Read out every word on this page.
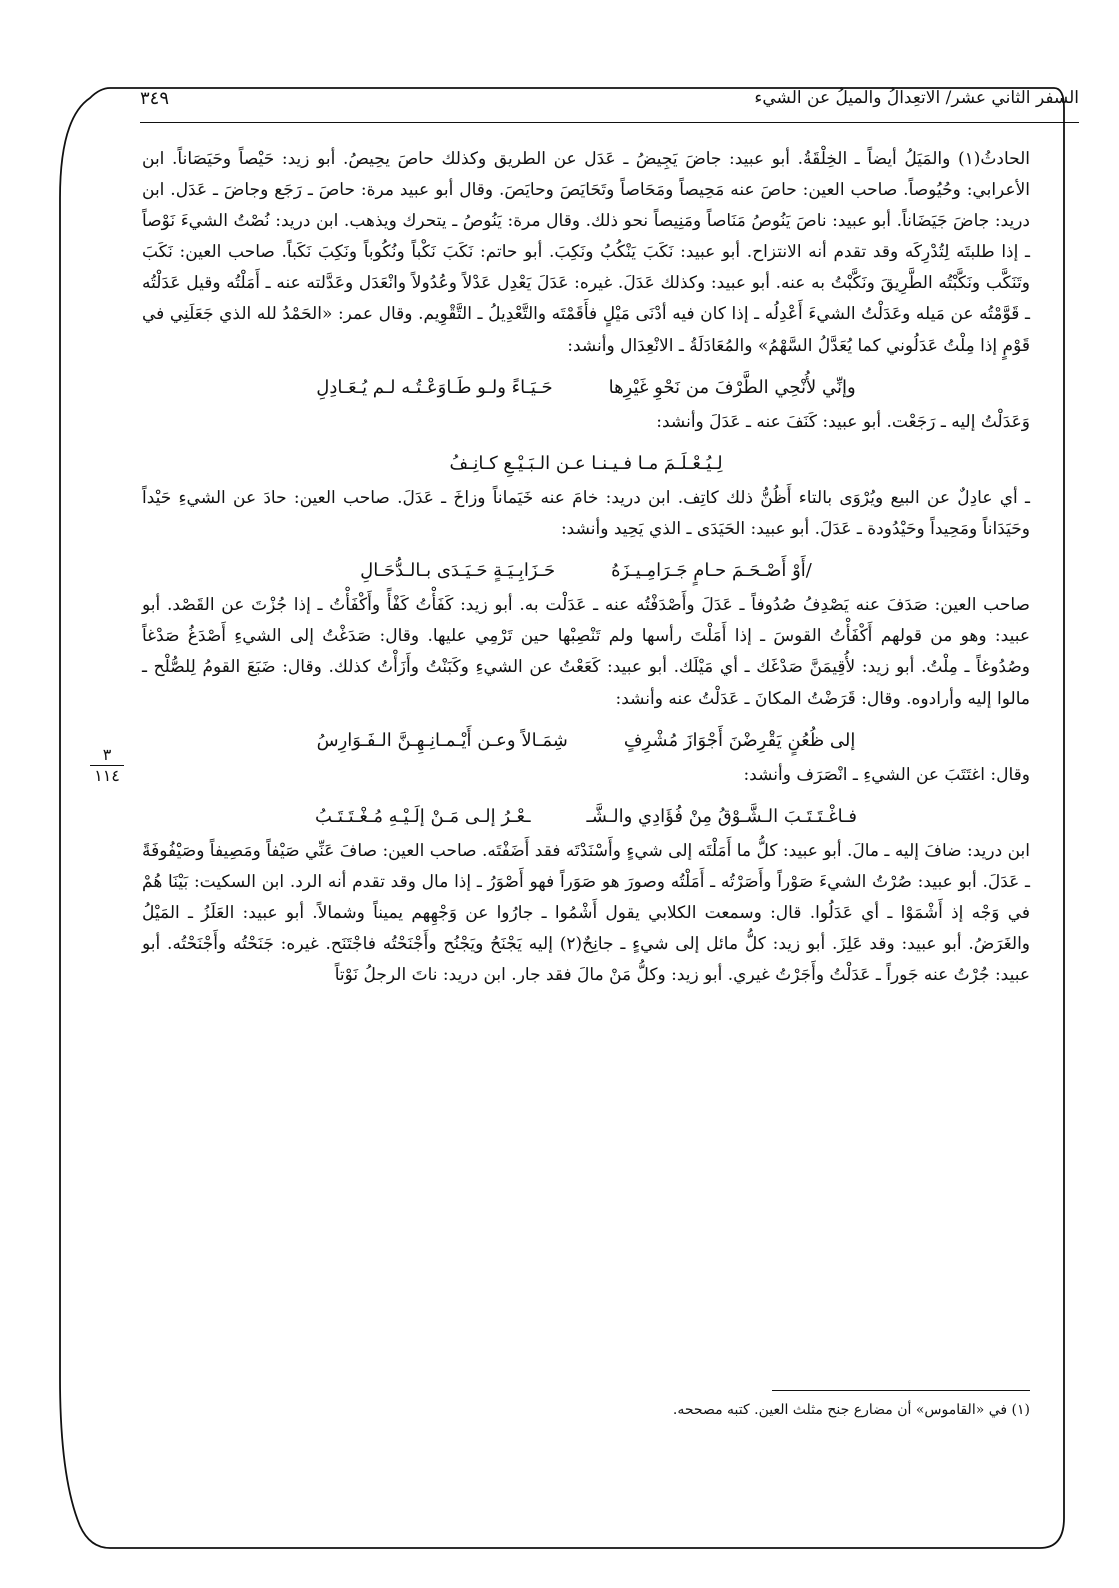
السفر الثاني عشر/ الاتعِدالُ والميلُ عن الشيء
٣٤٩
٣
١١٤

الحادثُ(١) والمَيَلُ أيضاً ـ الخِلْقَةُ. أبو عبيد: جاضَ يَجِيضُ ـ عَدَل عن الطريق وكذلك حاصَ يحِيصُ. أبو زيد: حَيْصاً وحَيَصَاناً. ابن الأعرابي: وحُيُوصاً. صاحب العين: حاصَ عنه مَحِيصاً ومَحَاصاً وتَحَايَصَ وحايَصَ. وقال أبو عبيد مرة: حاصَ ـ رَجَع وجاضَ ـ عَدَل. ابن دريد: جاضَ جَيَضَاناً. أبو عبيد: ناصَ يَنُوصُ مَنَاصاً ومَنِيصاً نحو ذلك. وقال مرة: يَنُوصُ ـ يتحرك ويذهب. ابن دريد: نُصْتُ الشيءَ نَوْصاً ـ إذا طلبتَه لِتُدْرِكَه وقد تقدم أنه الانتزاح. أبو عبيد: نَكَبَ يَنْكُبُ ونَكِبَ. أبو حاتم: نَكَبَ نَكْباً ونُكُوباً ونَكِبَ نَكَباً. صاحب العين: نَكَبَ وتَنَكَّب ونَكَّبْتُه الطَّرِيقَ ونَكَّبْتُ به عنه. أبو عبيد: وكذلك عَدَلَ. غيره: عَدَلَ يَعْدِل عَدْلاً وعُدُولاً وانْعَدَل وعَدَّلته عنه ـ أَمَلْتُه وقيل عَدَلْتُه ـ قَوَّمْتُه عن مَيله وعَدَلْتُ الشيءَ أَعْدِلُه ـ إذا كان فيه أدْنَى مَيْلٍ فأَقَمْتَه والتَّعْدِيلُ ـ التَّقْوِيم. وقال عمر: «الحَمْدُ لله الذي جَعَلَنِي في قَوْمٍ إذا مِلْتُ عَدَلُوني كما يُعَدَّلُ السَّهْمُ» والمُعَادَلَةُ ـ الانْعِدَال وأنشد:

وإنِّي لأُنْحِي الطَّرْفَ من نَحْوِ غَيْرِها
حَـيَـاءً ولـو طَـاوَعْـتُـه لـم يُـعَـادِلِ

وَعَدَلْتُ إليه ـ رَجَعْت. أبو عبيد: كَنَفَ عنه ـ عَدَلَ وأنشد:

لِـيُـعْـلَـمَ مـا فـيـنـا عـن الـبَـيْـعِ كـانِـفُ

ـ أي عادِلٌ عن البيع ويُرْوَى بالتاء أَظُنُّ ذلك كاتِف. ابن دريد: خامَ عنه خَيَماناً وزاخَ ـ عَدَلَ. صاحب العين: حادَ عن الشيءِ حَيْداً وحَيَدَاناً ومَحِيداً وحَيْدُودة ـ عَدَلَ. أبو عبيد: الحَيَدَى ـ الذي يَحِيد وأنشد:

/أَوْ أَصْـحَـمَ حـامٍ جَـرَامِـيـزَهُ
حَـزَابِـيَـةٍ حَـيَـدَى بـالـدُّحَـالِ

صاحب العين: صَدَفَ عنه يَصْدِفُ صُدُوفاً ـ عَدَلَ وأَصْدَفْتُه عنه ـ عَدَلْت به. أبو زيد: كَفَأْتُ كَفْأً وأَكْفَأْتُ ـ إذا جُزْتَ عن القَصْد. أبو عبيد: وهو من قولهم أَكْفَأْتُ القوسَ ـ إذا أَمَلْتَ رأسها ولم تَنْصِبْها حين تَرْمِي عليها. وقال: صَدَغْتُ إلى الشيءِ أَصْدَغُ صَدْغاً وصُدُوغاً ـ مِلْتُ. أبو زيد: لأُقِيمَنَّ صَدْغَك ـ أي مَيْلَك. أبو عبيد: كَعَعْتُ عن الشيءِ وكَبَنْتُ وأَزَأْتُ كذلك. وقال: ضَبَعَ القومُ لِلصُّلْح ـ مالوا إليه وأرادوه. وقال: قَرَضْتُ المكانَ ـ عَدَلْتُ عنه وأنشد:

إلى ظُعُنٍ يَقْرِضْنَ أَجْوَازَ مُشْرِفٍ
شِمَـالاً وعـن أَيْـمـانِـهِـنَّ الـفَـوَارِسُ

وقال: اغتَتَبَ عن الشيءِ ـ انْصَرَف وأنشد:

فـاغْـتَـتَـبَ الـشَّـوْقُ مِنْ فُؤَادِي والـشَّـ
ـعْـرُ إلـى مَـنْ إلَـيْـهِ مُـغْـتَـتَـبُ

ابن دريد: ضافَ إليه ـ مالَ. أبو عبيد: كلُّ ما أَمَلْتَه إلى شيءٍ وأَسْنَدْتَه فقد أَضَفْتَه. صاحب العين: صافَ عَنِّي صَيْفاً ومَصِيفاً وصَيْفُوفَةً ـ عَدَلَ. أبو عبيد: صُرْتُ الشيءَ صَوْراً وأَصَرْتُه ـ أَمَلْتُه وصورَ هو صَوَراً فهو أَصْوَرُ ـ إذا مال وقد تقدم أنه الرد. ابن السكيت: بَيْنَا هُمْ في وَجْه إذ أَشْمَوْا ـ أي عَدَلُوا. قال: وسمعت الكلابي يقول أَشْمُوا ـ جارُوا عن وَجْهِهم يميناً وشمالاً. أبو عبيد: العَلَزُ ـ المَيْلُ والغَرَضُ. أبو عبيد: وقد عَلِزَ. أبو زيد: كلُّ مائل إلى شيءٍ ـ جانِحٌ(٢) إليه يَجْنَحُ ويَجْنُح وأَجْنَحْتُه فاجْتَنَح. غيره: جَنَحْتُه وأَجْنَحْتُه. أبو عبيد: جُرْتُ عنه جَوراً ـ عَدَلْتُ وأَجَرْتُ غيري. أبو زيد: وكلُّ مَنْ مالَ فقد جار. ابن دريد: ناتَ الرجلُ نَوْتاً

(١) في «القاموس» أن مضارع جنح مثلث العين. كتبه مصححه.
